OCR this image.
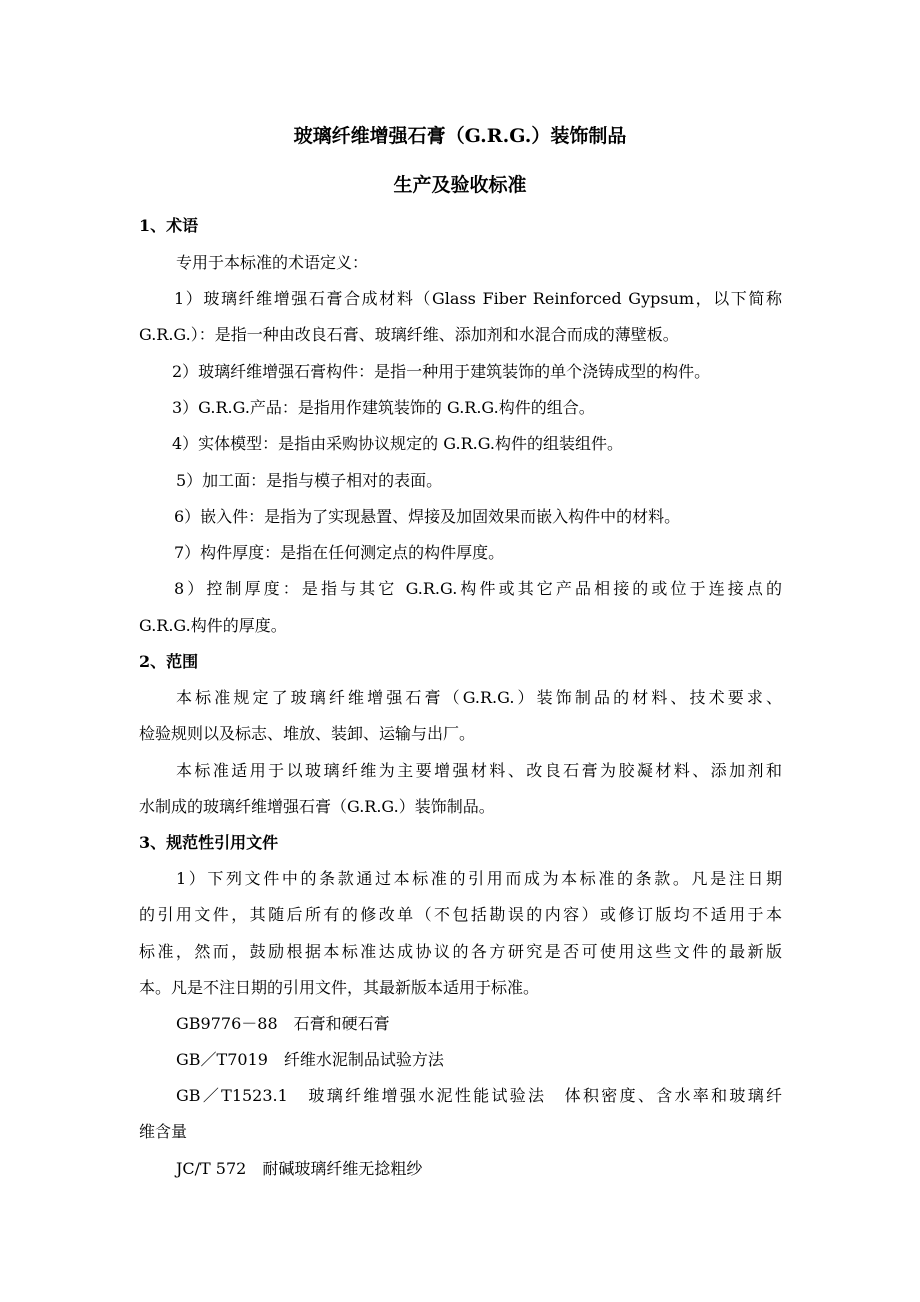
玻璃纤维增强石膏（G.R.G.）装饰制品
生产及验收标准
1、术语
专用于本标准的术语定义：
1）玻璃纤维增强石膏合成材料（Glass Fiber Reinforced Gypsum，以下简称
G.R.G.）：是指一种由改良石膏、玻璃纤维、添加剂和水混合而成的薄壁板。
2）玻璃纤维增强石膏构件：是指一种用于建筑装饰的单个浇铸成型的构件。
3）G.R.G.产品：是指用作建筑装饰的 G.R.G.构件的组合。
4）实体模型：是指由采购协议规定的 G.R.G.构件的组装组件。
5）加工面：是指与模子相对的表面。
6）嵌入件：是指为了实现悬置、焊接及加固效果而嵌入构件中的材料。
7）构件厚度：是指在任何测定点的构件厚度。
8）控制厚度：是指与其它 G.R.G.构件或其它产品相接的或位于连接点的
G.R.G.构件的厚度。
2、范围
本标准规定了玻璃纤维增强石膏（G.R.G.）装饰制品的材料、技术要求、
检验规则以及标志、堆放、装卸、运输与出厂。
本标准适用于以玻璃纤维为主要增强材料、改良石膏为胶凝材料、添加剂和
水制成的玻璃纤维增强石膏（G.R.G.）装饰制品。
3、规范性引用文件
1）下列文件中的条款通过本标准的引用而成为本标准的条款。凡是注日期
的引用文件，其随后所有的修改单（不包括勘误的内容）或修订版均不适用于本
标准，然而，鼓励根据本标准达成协议的各方研究是否可使用这些文件的最新版
本。凡是不注日期的引用文件，其最新版本适用于标准。
GB9776－88　石膏和硬石膏
GB／T7019　纤维水泥制品试验方法
GB／T1523.1　玻璃纤维增强水泥性能试验法　体积密度、含水率和玻璃纤
维含量
JC/T 572　耐碱玻璃纤维无捻粗纱
